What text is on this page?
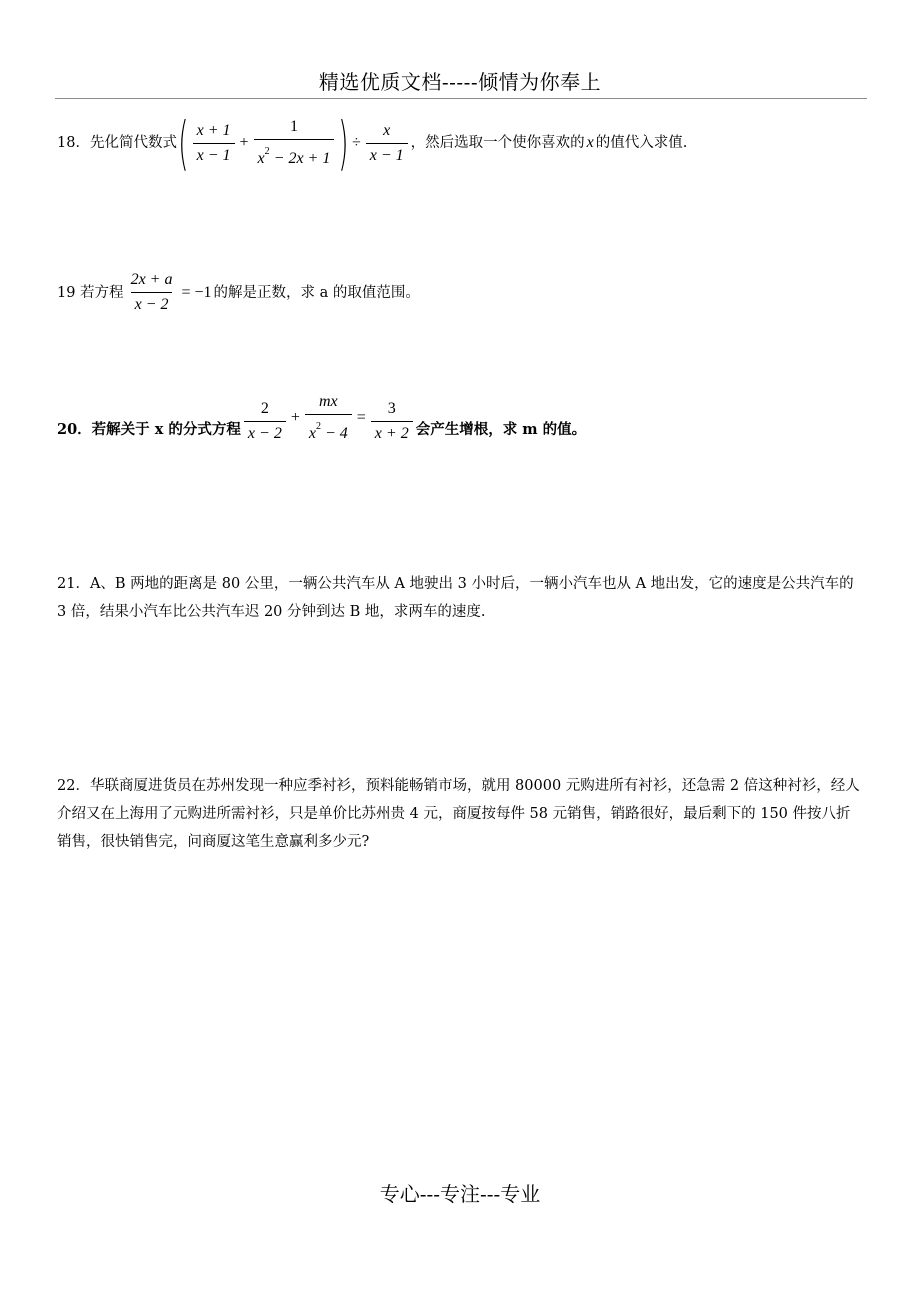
精选优质文档-----倾情为你奉上
18．先化简代数式 ( $\frac{x + 1}{x - 1} + \frac{1}{x^2 - 2x + 1}$ ) ÷ $\frac{x}{x - 1}$ ，然后选取一个使你喜欢的 x 的值代入求值.
19 若方程 $\frac{2x + a}{x - 2} = -1$ 的解是正数，求 a 的取值范围。
20．若解关于 x 的分式方程 $\frac{2}{x - 2} + \frac{mx}{x^2 - 4} = \frac{3}{x + 2}$ 会产生增根，求 m 的值。
21．A、B 两地的距离是 80 公里，一辆公共汽车从 A 地驶出 3 小时后，一辆小汽车也从 A 地出发，它的速度是公共汽车的 3 倍，结果小汽车比公共汽车迟 20 分钟到达 B 地，求两车的速度.
22．华联商厦进货员在苏州发现一种应季衬衫，预料能畅销市场，就用 80000 元购进所有衬衫，还急需 2 倍这种衬衫，经人介绍又在上海用了元购进所需衬衫，只是单价比苏州贵 4 元，商厦按每件 58 元销售，销路很好，最后剩下的 150 件按八折销售，很快销售完，问商厦这笔生意赢利多少元?
专心---专注---专业
